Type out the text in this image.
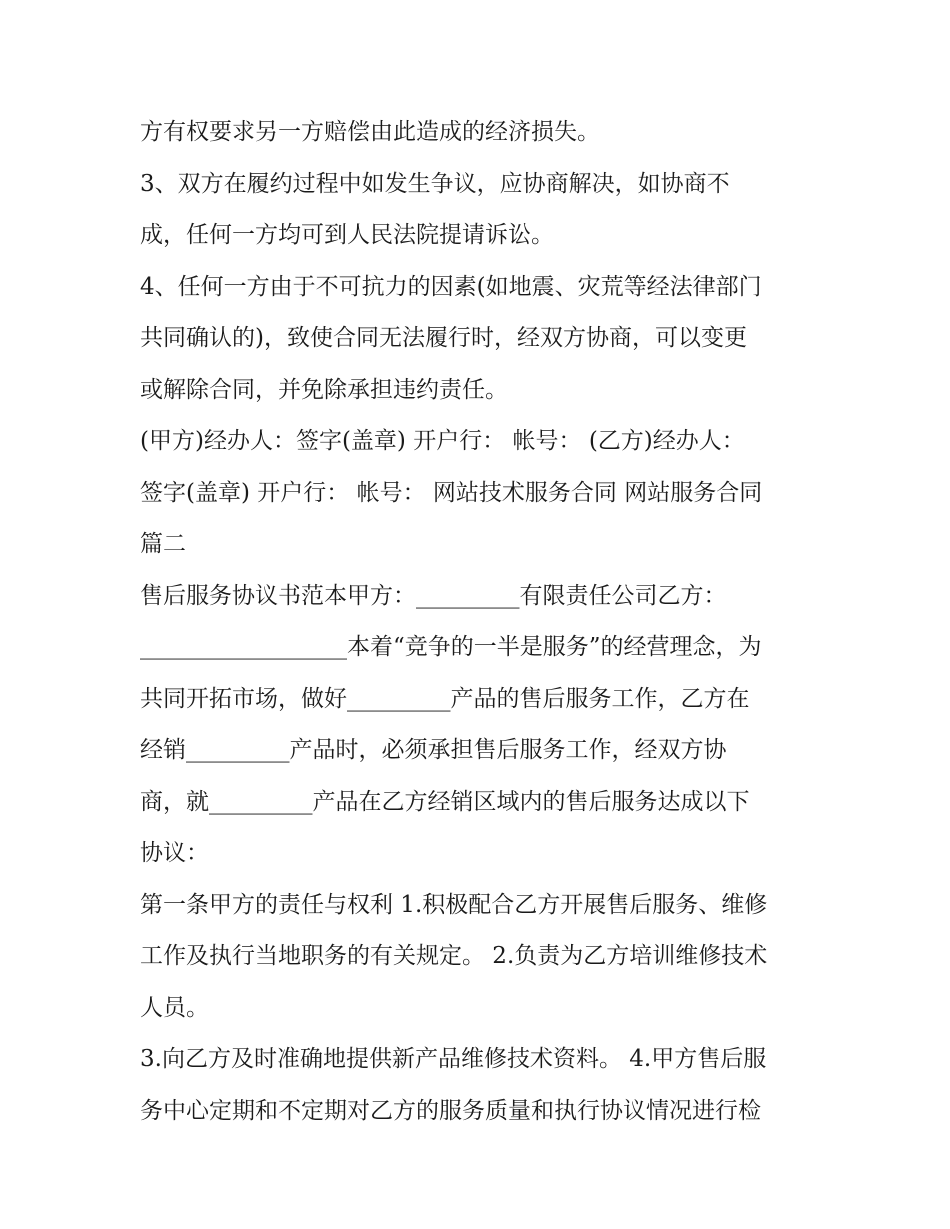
方有权要求另一方赔偿由此造成的经济损失。
3、双方在履约过程中如发生争议，应协商解决，如协商不
成，任何一方均可到人民法院提请诉讼。
4、任何一方由于不可抗力的因素(如地震、灾荒等经法律部门
共同确认的)，致使合同无法履行时，经双方协商，可以变更
或解除合同，并免除承担违约责任。
(甲方)经办人：签字(盖章) 开户行： 帐号： (乙方)经办人：
签字(盖章) 开户行： 帐号： 网站技术服务合同 网站服务合同
篇二
售后服务协议书范本甲方：_________有限责任公司乙方：
__________________本着“竞争的一半是服务”的经营理念，为
共同开拓市场，做好_________产品的售后服务工作，乙方在
经销_________产品时，必须承担售后服务工作，经双方协
商，就_________产品在乙方经销区域内的售后服务达成以下
协议：
第一条甲方的责任与权利 1.积极配合乙方开展售后服务、维修
工作及执行当地职务的有关规定。 2.负责为乙方培训维修技术
人员。
3.向乙方及时准确地提供新产品维修技术资料。 4.甲方售后服
务中心定期和不定期对乙方的服务质量和执行协议情况进行检
